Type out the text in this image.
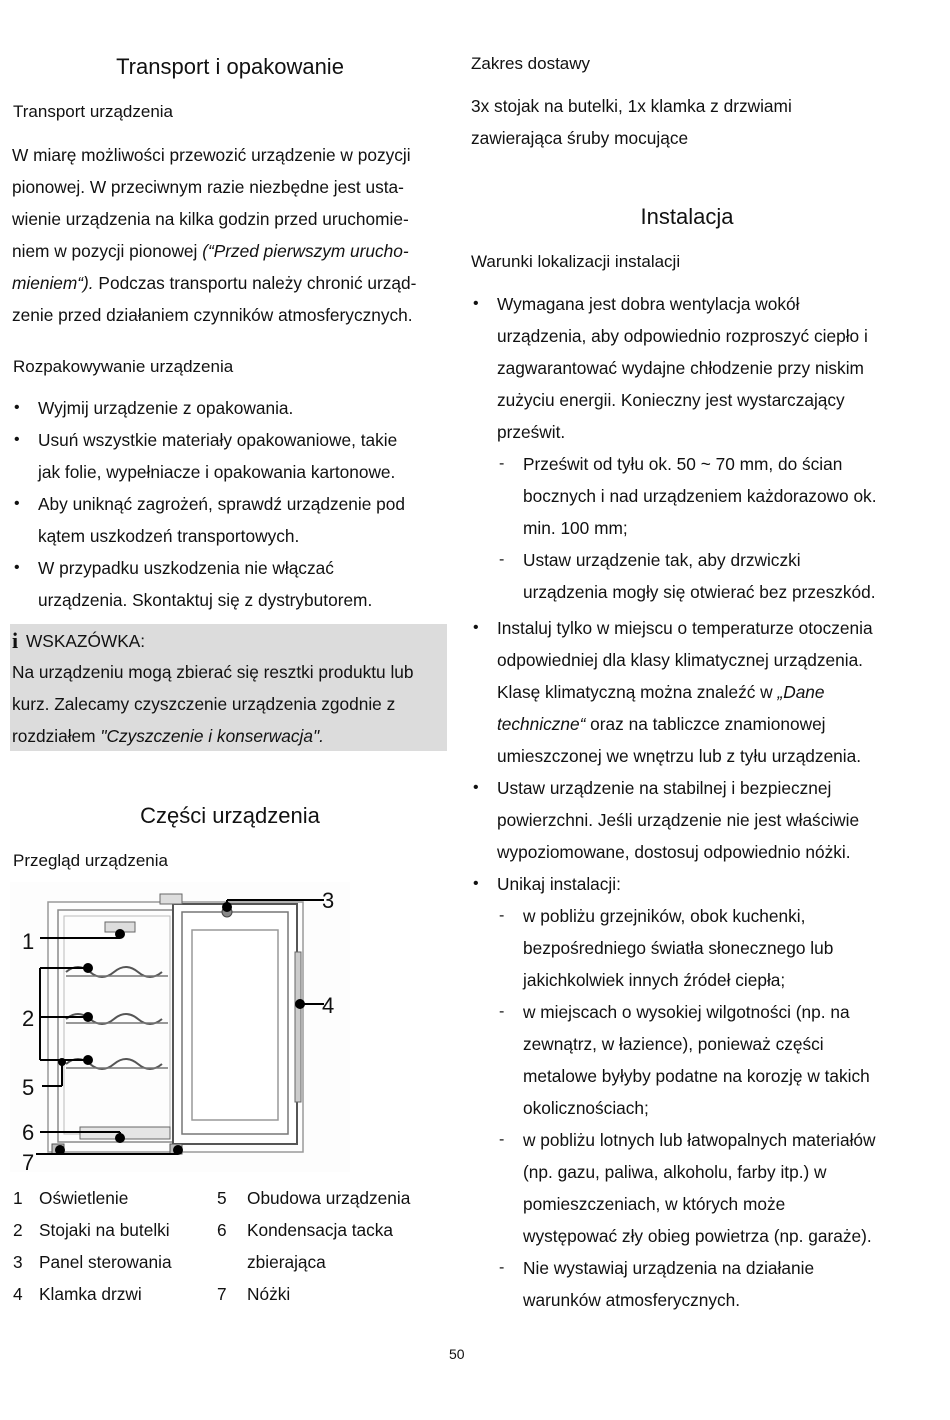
Transport i opakowanie
Transport urządzenia
W miarę możliwości przewozić urządzenie w pozycji
pionowej. W przeciwnym razie niezbędne jest usta-
wienie urządzenia na kilka godzin przed uruchomie-
niem w pozycji pionowej (“Przed pierwszym urucho-
mieniem“). Podczas transportu należy chronić urząd-
zenie przed działaniem czynników atmosferycznych.
Rozpakowywanie urządzenia
• Wyjmij urządzenie z opakowania.
• Usuń wszystkie materiały opakowaniowe, takie
jak folie, wypełniacze i opakowania kartonowe.
• Aby uniknąć zagrożeń, sprawdź urządzenie pod
kątem uszkodzeń transportowych.
• W przypadku uszkodzenia nie włączać
urządzenia. Skontaktuj się z dystrybutorem.
i WSKAZÓWKA:
Na urządzeniu mogą zbierać się resztki produktu lub
kurz. Zalecamy czyszczenie urządzenia zgodnie z
rozdziałem "Czyszczenie i konserwacja".
Części urządzenia
Przegląd urządzenia
1
2
3
4
5
6
7
1 Oświetlenie
2 Stojaki na butelki
3 Panel sterowania
4 Klamka drzwi
5 Obudowa urządzenia
6 Kondensacja tacka
zbierająca
7 Nóżki
Zakres dostawy
3x stojak na butelki, 1x klamka z drzwiami
zawierająca śruby mocujące
Instalacja
Warunki lokalizacji instalacji
• Wymagana jest dobra wentylacja wokół
urządzenia, aby odpowiednio rozproszyć ciepło i
zagwarantować wydajne chłodzenie przy niskim
zużyciu energii. Konieczny jest wystarczający
prześwit.
- Prześwit od tyłu ok. 50 ~ 70 mm, do ścian
bocznych i nad urządzeniem każdorazowo ok.
min. 100 mm;
- Ustaw urządzenie tak, aby drzwiczki
urządzenia mogły się otwierać bez przeszkód.
• Instaluj tylko w miejscu o temperaturze otoczenia
odpowiedniej dla klasy klimatycznej urządzenia.
Klasę klimatyczną można znaleźć w „Dane
techniczne“ oraz na tabliczce znamionowej
umieszczonej we wnętrzu lub z tyłu urządzenia.
• Ustaw urządzenie na stabilnej i bezpiecznej
powierzchni. Jeśli urządzenie nie jest właściwie
wypoziomowane, dostosuj odpowiednio nóżki.
• Unikaj instalacji:
- w pobliżu grzejników, obok kuchenki,
bezpośredniego światła słonecznego lub
jakichkolwiek innych źródeł ciepła;
- w miejscach o wysokiej wilgotności (np. na
zewnątrz, w łazience), ponieważ części
metalowe byłyby podatne na korozję w takich
okolicznościach;
- w pobliżu lotnych lub łatwopalnych materiałów
(np. gazu, paliwa, alkoholu, farby itp.) w
pomieszczeniach, w których może
występować zły obieg powietrza (np. garaże).
- Nie wystawiaj urządzenia na działanie
warunków atmosferycznych.
50
